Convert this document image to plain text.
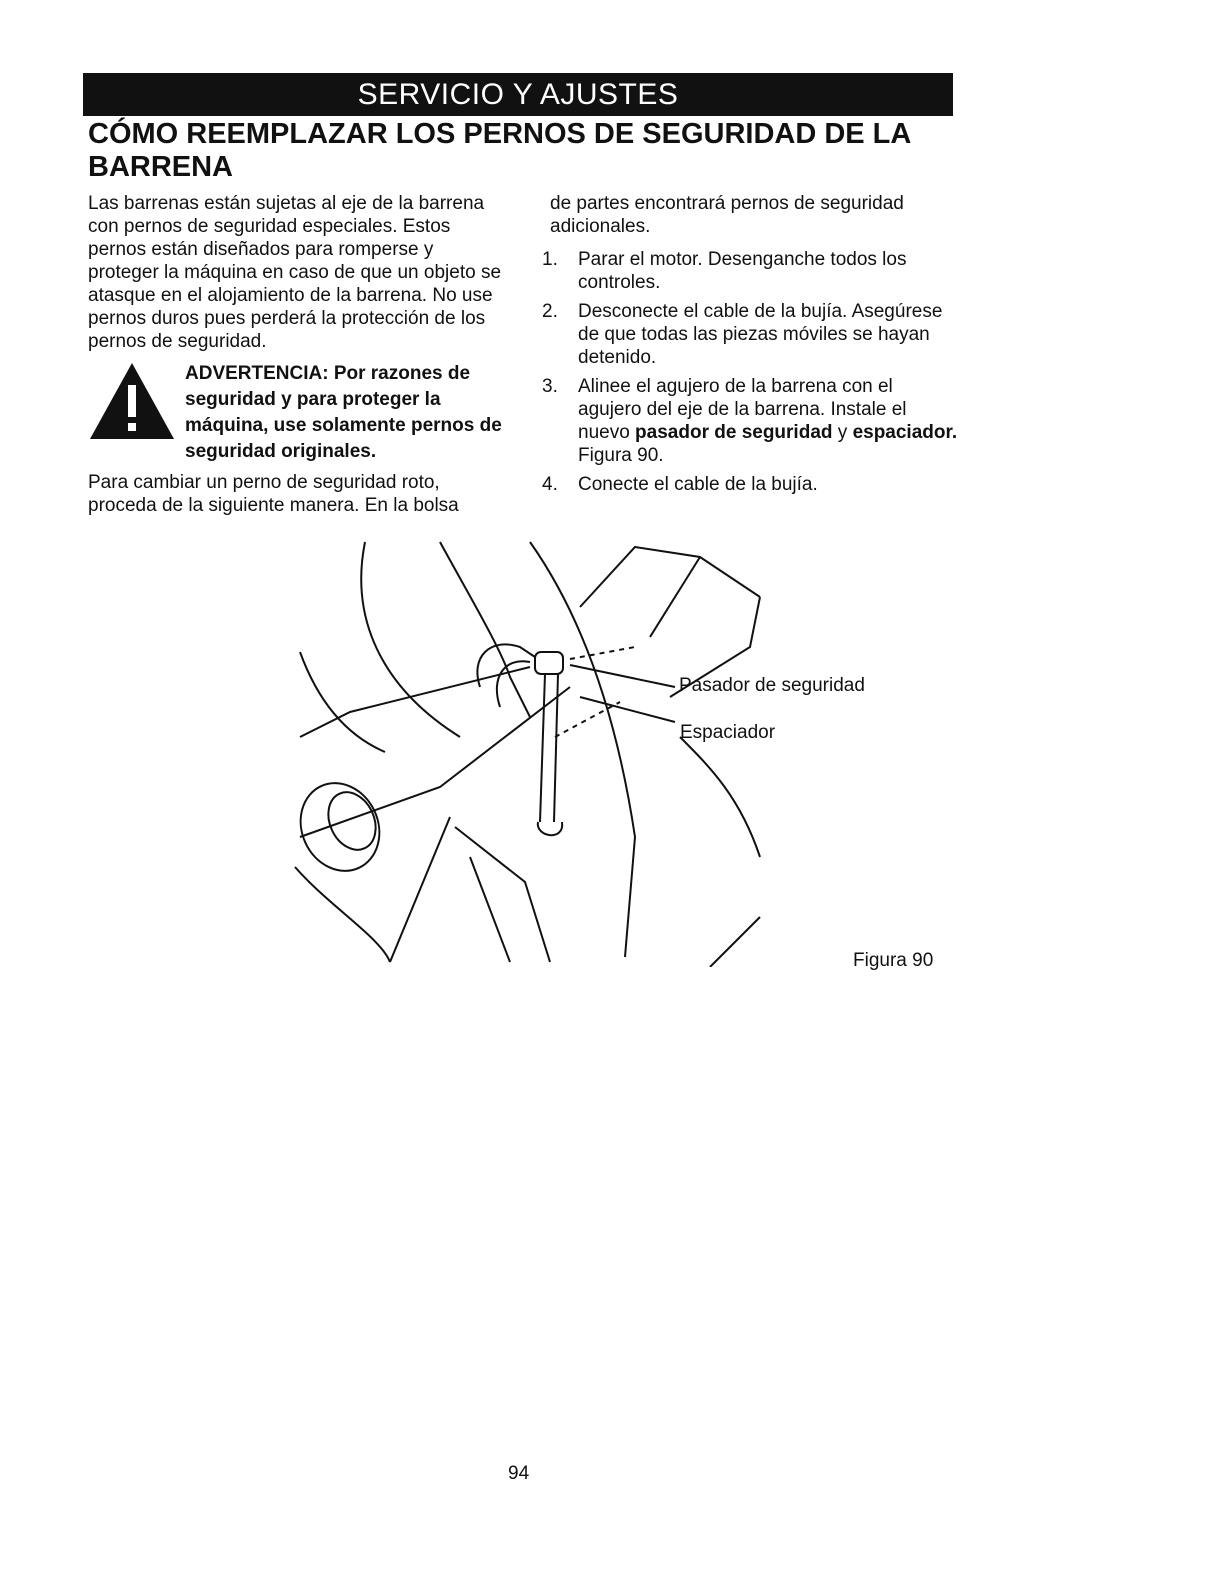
SERVICIO Y AJUSTES
CÓMO REEMPLAZAR LOS PERNOS DE SEGURIDAD DE LA BARRENA

Las barrenas están sujetas al eje de la barrena con pernos de seguridad especiales. Estos pernos están diseñados para romperse y proteger la máquina en caso de que un objeto se atasque en el alojamiento de la barrena. No use pernos duros pues perderá la protección de los pernos de seguridad.

ADVERTENCIA: Por razones de
seguridad y para proteger la máquina, use solamente pernos de seguridad originales.

Para cambiar un perno de seguridad roto, proceda de la siguiente manera. En la bolsa

de partes encontrará pernos de seguridad adicionales.

1. Parar el motor. Desenganche todos los controles.
2. Desconecte el cable de la bujía. Asegúrese de que todas las piezas móviles se hayan detenido.
3. Alinee el agujero de la barrena con el agujero del eje de la barrena. Instale el nuevo pasador de seguridad y espaciador. Figura 90.
4. Conecte el cable de la bujía.
Pasador de seguridad
Espaciador
Figura 90
94
